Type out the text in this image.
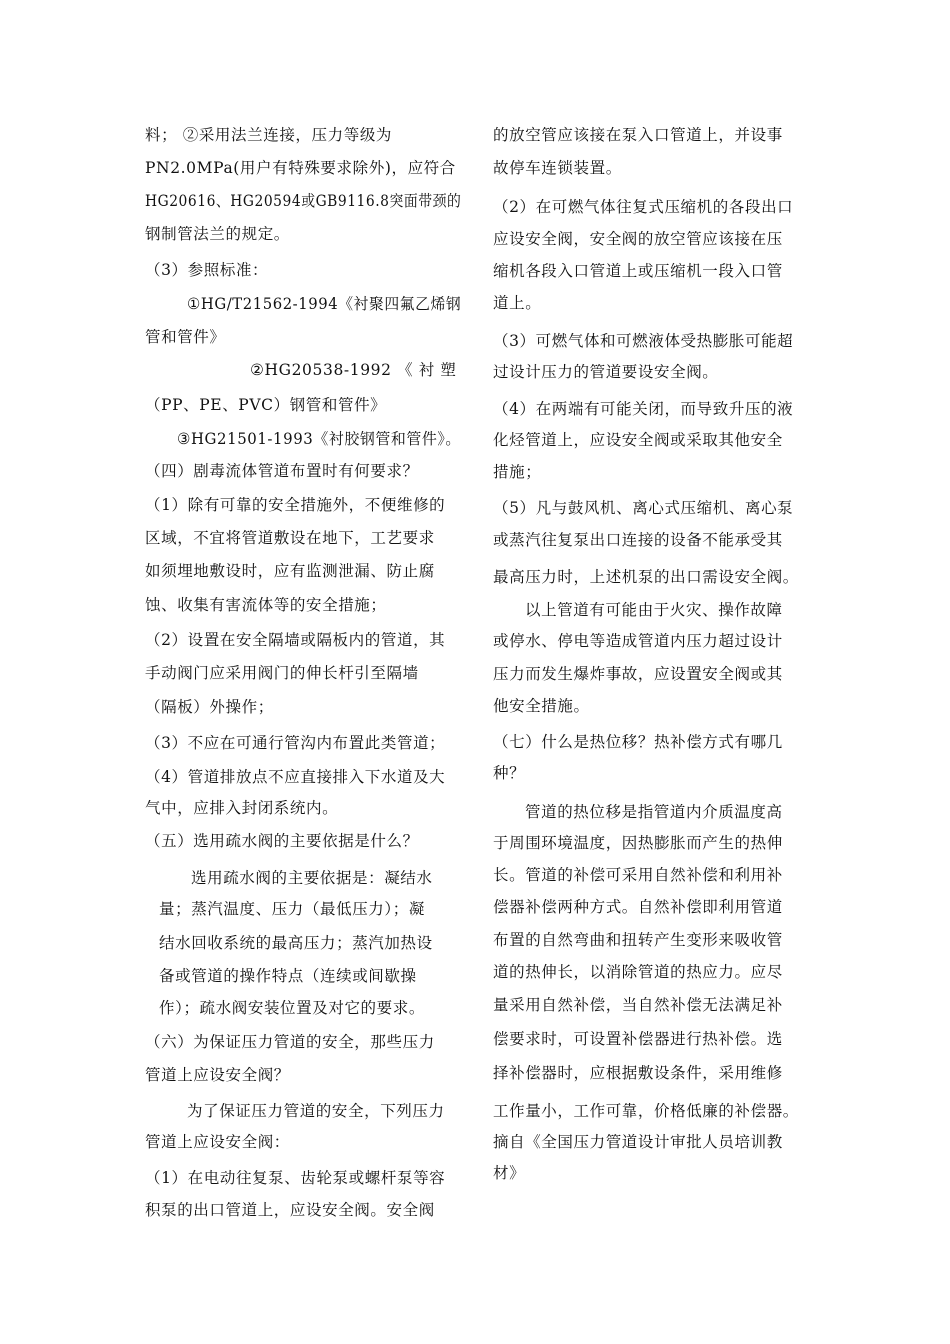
料； ②采用法兰连接，压力等级为
PN2.0MPa(用户有特殊要求除外)，应符合
HG20616、HG20594或GB9116.8突面带颈的
钢制管法兰的规定。
（3）参照标准：
①HG/T21562-1994《衬聚四氟乙烯钢
管和管件》
②HG20538-1992 《 衬 塑
（PP、PE、PVC）钢管和管件》
③HG21501-1993《衬胶钢管和管件》。
（四）剧毒流体管道布置时有何要求？
（1）除有可靠的安全措施外，不便维修的
区域，不宜将管道敷设在地下，工艺要求
如须埋地敷设时，应有监测泄漏、防止腐
蚀、收集有害流体等的安全措施；
（2）设置在安全隔墙或隔板内的管道，其
手动阀门应采用阀门的伸长杆引至隔墙
（隔板）外操作；
（3）不应在可通行管沟内布置此类管道；
（4）管道排放点不应直接排入下水道及大
气中，应排入封闭系统内。
（五）选用疏水阀的主要依据是什么？
选用疏水阀的主要依据是：凝结水
量；蒸汽温度、压力（最低压力）；凝
结水回收系统的最高压力；蒸汽加热设
备或管道的操作特点（连续或间歇操
作）；疏水阀安装位置及对它的要求。
（六）为保证压力管道的安全，那些压力
管道上应设安全阀？
为了保证压力管道的安全，下列压力
管道上应设安全阀：
（1）在电动往复泵、齿轮泵或螺杆泵等容
积泵的出口管道上，应设安全阀。安全阀
的放空管应该接在泵入口管道上，并设事
故停车连锁装置。
（2）在可燃气体往复式压缩机的各段出口
应设安全阀，安全阀的放空管应该接在压
缩机各段入口管道上或压缩机一段入口管
道上。
（3）可燃气体和可燃液体受热膨胀可能超
过设计压力的管道要设安全阀。
（4）在两端有可能关闭，而导致升压的液
化烃管道上，应设安全阀或采取其他安全
措施；
（5）凡与鼓风机、离心式压缩机、离心泵
或蒸汽往复泵出口连接的设备不能承受其
最高压力时，上述机泵的出口需设安全阀。
以上管道有可能由于火灾、操作故障
或停水、停电等造成管道内压力超过设计
压力而发生爆炸事故，应设置安全阀或其
他安全措施。
（七）什么是热位移？热补偿方式有哪几
种？
管道的热位移是指管道内介质温度高
于周围环境温度，因热膨胀而产生的热伸
长。管道的补偿可采用自然补偿和利用补
偿器补偿两种方式。自然补偿即利用管道
布置的自然弯曲和扭转产生变形来吸收管
道的热伸长，以消除管道的热应力。应尽
量采用自然补偿，当自然补偿无法满足补
偿要求时，可设置补偿器进行热补偿。选
择补偿器时，应根据敷设条件，采用维修
工作量小，工作可靠，价格低廉的补偿器。
摘自《全国压力管道设计审批人员培训教
材》
